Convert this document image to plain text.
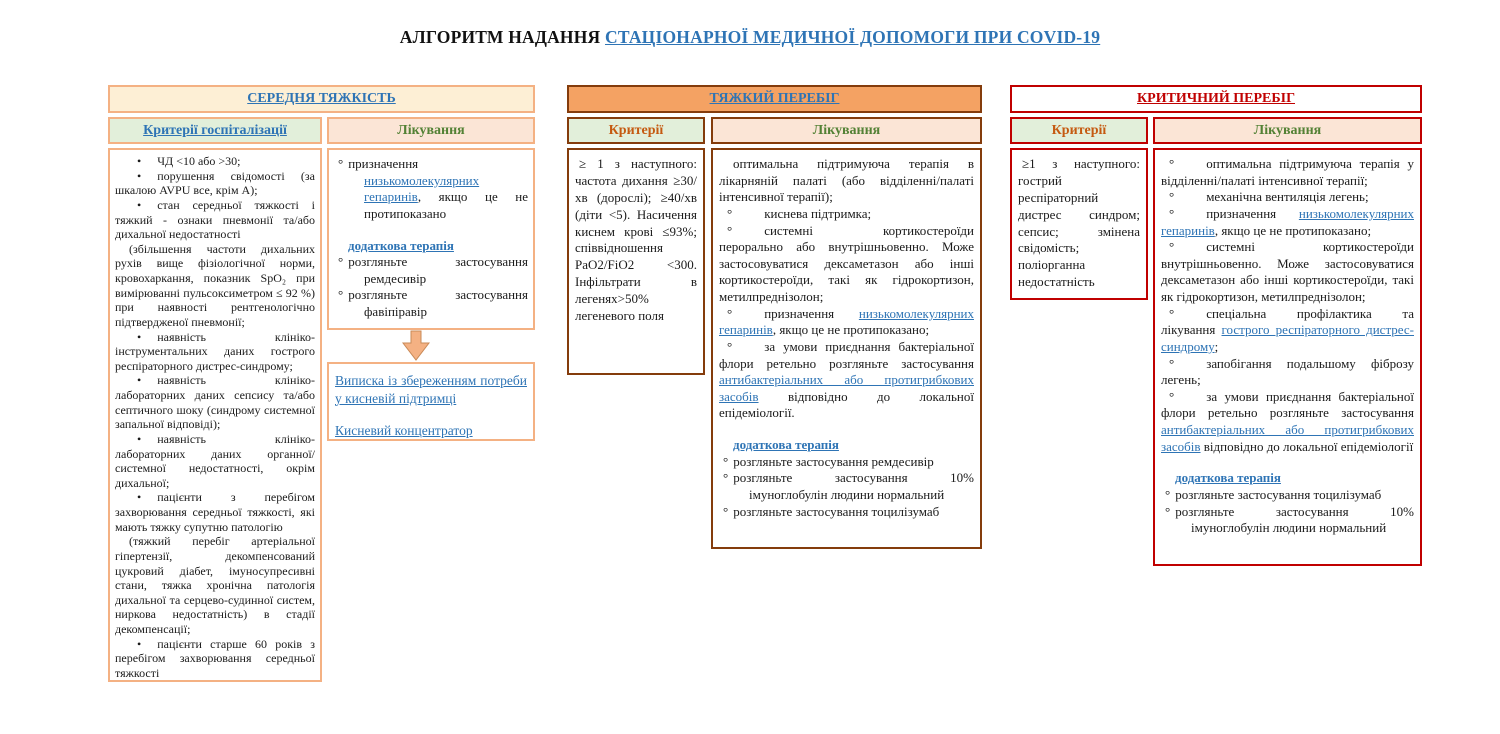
АЛГОРИТМ НАДАННЯ СТАЦІОНАРНОЇ МЕДИЧНОЇ ДОПОМОГИ ПРИ COVID-19
СЕРЕДНЯ ТЯЖКІСТЬ
Критерії госпіталізації	Лікування
• ЧД <10 або >30;
• порушення свідомості (за шкалою AVPU все, крім А);
• стан середньої тяжкості і тяжкий - ознаки пневмонії та/або дихальної недостатності
(збільшення частоти дихальних рухів вище фізіологічної норми, кровохаркання, показник SpO₂ при вимірюванні пульсоксиметром ≤ 92 %) при наявності рентгенологічно підтвердженої пневмонії;
• наявність клініко-інструментальних даних гострого респіраторного дистрес-синдрому;
• наявність клініко-лабораторних даних сепсису та/або септичного шоку (синдрому системної запальної відповіді);
• наявність клініко-лабораторних даних органної/системної недостатності, окрім дихальної;
• пацієнти з перебігом захворювання середньої тяжкості, які мають тяжку супутню патологію
(тяжкий перебіг артеріальної гіпертензії, декомпенсований цукровий діабет, імуносупресивні стани, тяжка хронічна патологія дихальної та серцево-судинної систем, ниркова недостатність) в стадії декомпенсації;
• пацієнти старше 60 років з перебігом захворювання середньої тяжкості
° призначення низькомолекулярних гепаринів, якщо це не протипоказано
додаткова терапія
° розгляньте застосування ремдесивір
° розгляньте застосування фавіпіравір
Виписка із збереженням потреби у кисневій підтримці
Кисневий концентратор
ТЯЖКИЙ ПЕРЕБІГ
Критерії	Лікування
≥ 1 з наступного: частота дихання ≥30/хв (дорослі); ≥40/хв (діти <5). Насичення киснем крові ≤93%; співвідношення PaO2/FiO2 <300. Інфільтрати в легенях>50% легеневого поля
оптимальна підтримуюча терапія в лікарняній палаті (або відділенні/палаті інтенсивної терапії);
° киснева підтримка;
° системні кортикостероїди перорально або внутрішньовенно. Може застосовуватися дексаметазон або інші кортикостероїди, такі як гідрокортизон, метилпреднізолон;
° призначення низькомолекулярних гепаринів, якщо це не протипоказано;
° за умови приєднання бактеріальної флори ретельно розгляньте застосування антибактеріальних або протигрибкових засобів відповідно до локальної епідеміології.
додаткова терапія
° розгляньте застосування ремдесивір
° розгляньте застосування 10% імуноглобулін людини нормальний
° розгляньте застосування тоцилізумаб
КРИТИЧНИЙ ПЕРЕБІГ
Критерії	Лікування
≥1 з наступного: гострий респіраторний дистрес синдром; сепсис; змінена свідомість; поліорганна недостатність
° оптимальна підтримуюча терапія у відділенні/палаті інтенсивної терапії;
° механічна вентиляція легень;
° призначення низькомолекулярних гепаринів, якщо це не протипоказано;
° системні кортикостероїди внутрішньовенно. Може застосовуватися дексаметазон або інші кортикостероїди, такі як гідрокортизон, метилпреднізолон;
° спеціальна профілактика та лікування гострого респіраторного дистрес-синдрому;
° запобігання подальшому фіброзу легень;
° за умови приєднання бактеріальної флори ретельно розгляньте застосування антибактеріальних або протигрибкових засобів відповідно до локальної епідеміології
додаткова терапія
° розгляньте застосування тоцилізумаб
° розгляньте застосування 10% імуноглобулін людини нормальний
